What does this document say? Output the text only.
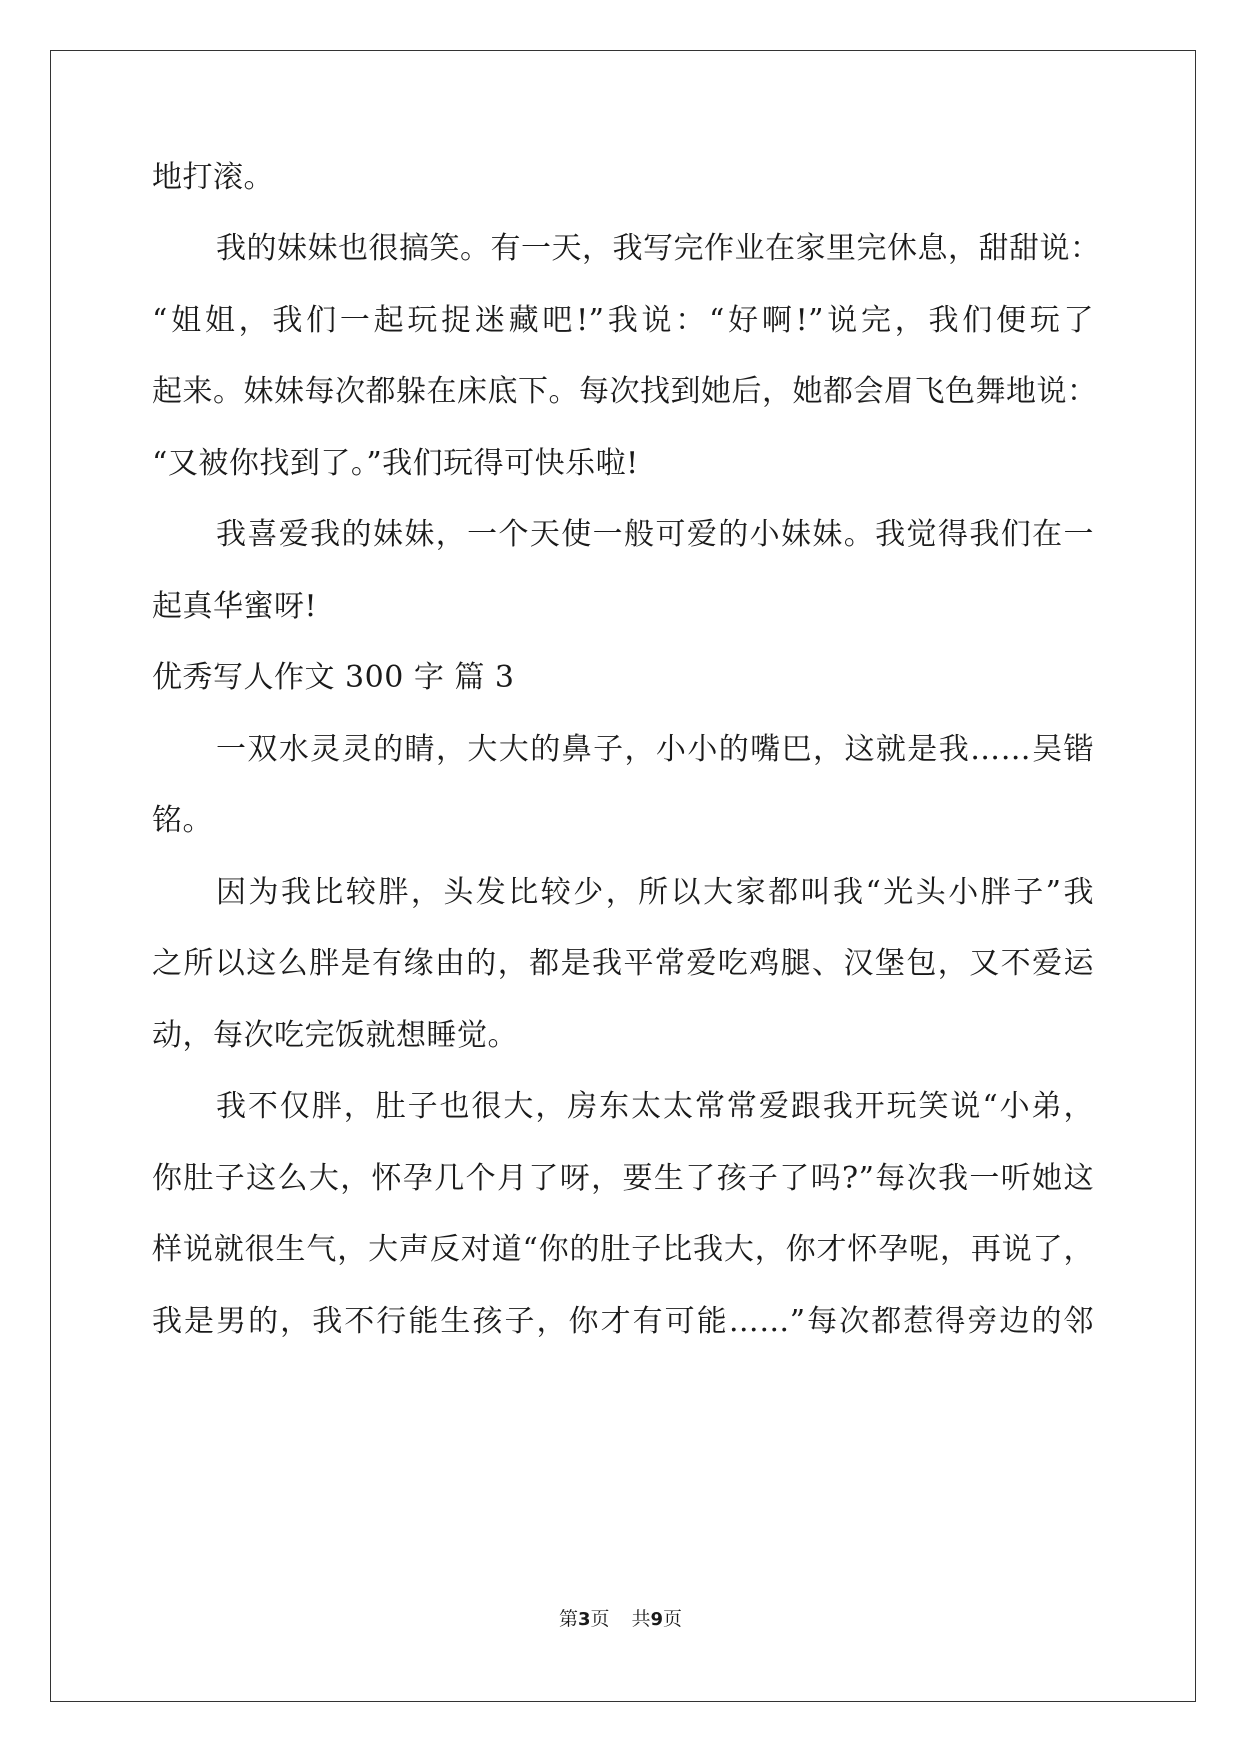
地打滚。
我的妹妹也很搞笑。有一天，我写完作业在家里完休息，甜甜说：
“姐姐，我们一起玩捉迷藏吧!”我说：“好啊!”说完，我们便玩了
起来。妹妹每次都躲在床底下。每次找到她后，她都会眉飞色舞地说：
“又被你找到了。”我们玩得可快乐啦!
我喜爱我的妹妹，一个天使一般可爱的小妹妹。我觉得我们在一
起真华蜜呀!
优秀写人作文 300 字 篇 3
一双水灵灵的睛，大大的鼻子，小小的嘴巴，这就是我……吴锴
铭。
因为我比较胖，头发比较少，所以大家都叫我“光头小胖子”我
之所以这么胖是有缘由的，都是我平常爱吃鸡腿、汉堡包，又不爱运
动，每次吃完饭就想睡觉。
我不仅胖，肚子也很大，房东太太常常爱跟我开玩笑说“小弟，
你肚子这么大，怀孕几个月了呀，要生了孩子了吗?”每次我一听她这
样说就很生气，大声反对道“你的肚子比我大，你才怀孕呢，再说了，
我是男的，我不行能生孩子，你才有可能……”每次都惹得旁边的邻
第3页 共9页
